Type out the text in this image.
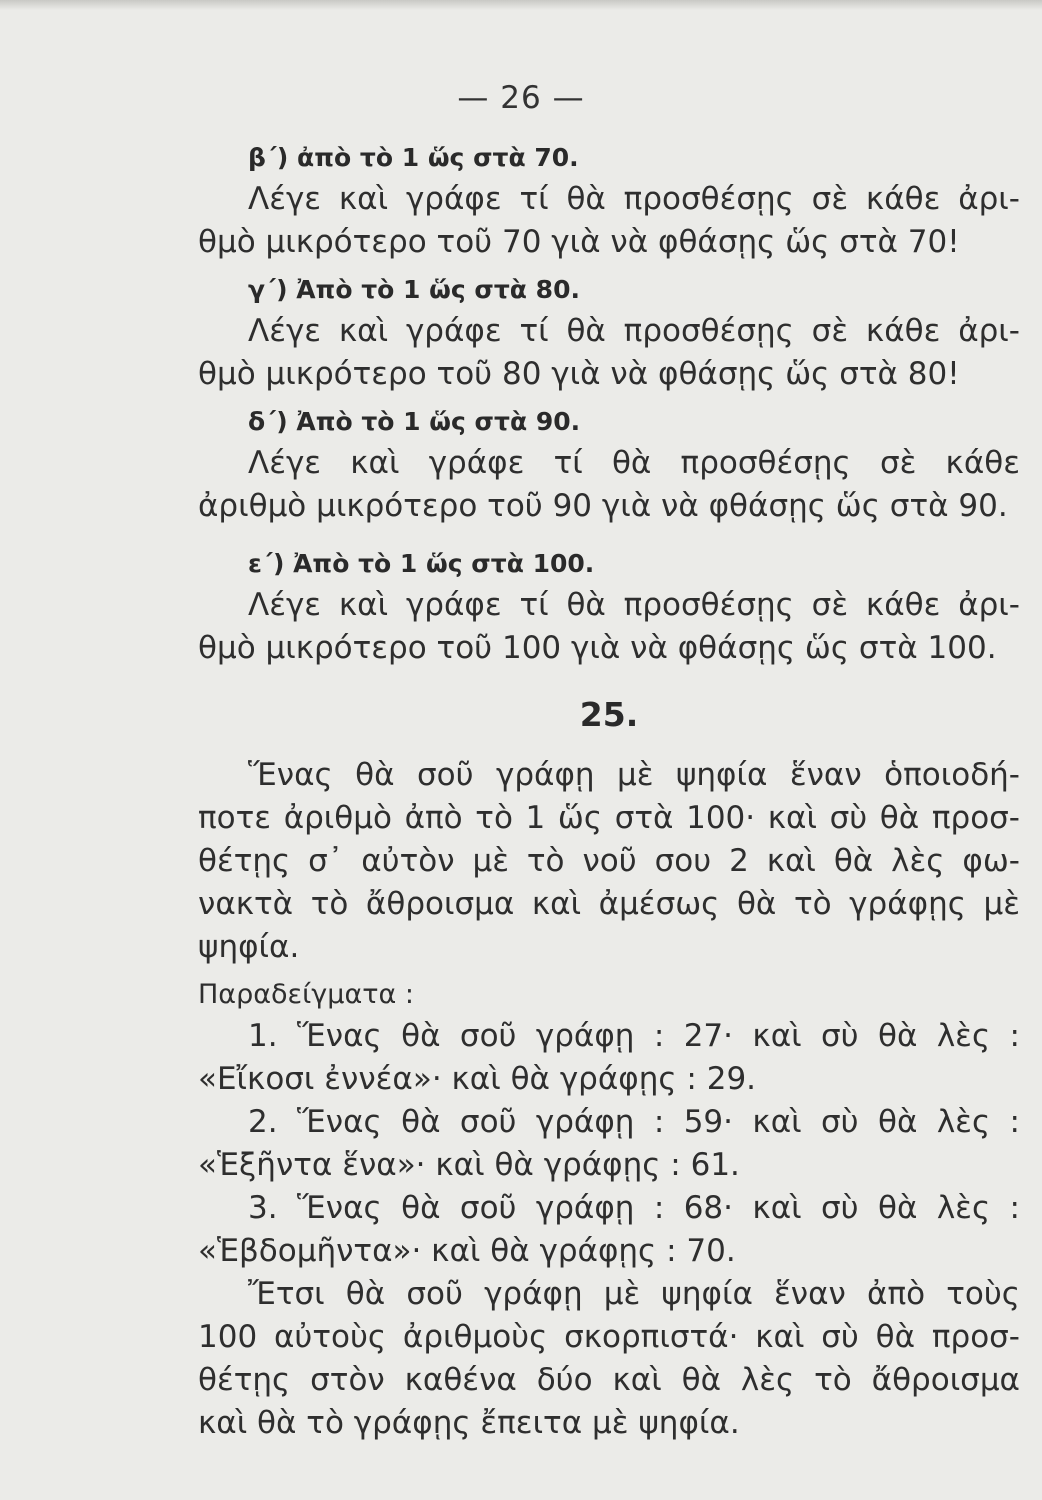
— 26 —
β΄) ἀπὸ τὸ 1 ὥς στὰ 70.
Λέγε καὶ γράφε τί θὰ προσθέσῃς σὲ κάθε ἀρι-
θμὸ μικρότερο τοῦ 70 γιὰ νὰ φθάσῃς ὥς στὰ 70!
γ΄) Ἀπὸ τὸ 1 ὥς στὰ 80.
Λέγε καὶ γράφε τί θὰ προσθέσῃς σὲ κάθε ἀρι-
θμὸ μικρότερο τοῦ 80 γιὰ νὰ φθάσῃς ὥς στὰ 80!
δ΄) Ἀπὸ τὸ 1 ὥς στὰ 90.
Λέγε καὶ γράφε τί θὰ προσθέσῃς σὲ κάθε
ἀριθμὸ μικρότερο τοῦ 90 γιὰ νὰ φθάσῃς ὥς στὰ 90.
ε΄) Ἀπὸ τὸ 1 ὥς στὰ 100.
Λέγε καὶ γράφε τί θὰ προσθέσῃς σὲ κάθε ἀρι-
θμὸ μικρότερο τοῦ 100 γιὰ νὰ φθάσῃς ὥς στὰ 100.
25.
Ἕνας θὰ σοῦ γράφῃ μὲ ψηφία ἕναν ὁποιοδή-
ποτε ἀριθμὸ ἀπὸ τὸ 1 ὥς στὰ 100· καὶ σὺ θὰ προσ-
θέτῃς σ᾽ αὐτὸν μὲ τὸ νοῦ σου 2 καὶ θὰ λὲς φω-
νακτὰ τὸ ἄθροισμα καὶ ἀμέσως θὰ τὸ γράφῃς μὲ
ψηφία.
Παραδείγματα :
1. Ἕνας θὰ σοῦ γράφῃ : 27· καὶ σὺ θὰ λὲς :
«Εἴκοσι ἐννέα»· καὶ θὰ γράφῃς : 29.
2. Ἕνας θὰ σοῦ γράφῃ : 59· καὶ σὺ θὰ λὲς :
«Ἑξῆντα ἕνα»· καὶ θὰ γράφῃς : 61.
3. Ἕνας θὰ σοῦ γράφῃ : 68· καὶ σὺ θὰ λὲς :
«Ἑβδομῆντα»· καὶ θὰ γράφῃς : 70.
Ἔτσι θὰ σοῦ γράφῃ μὲ ψηφία ἕναν ἀπὸ τοὺς
100 αὐτοὺς ἀριθμοὺς σκορπιστά· καὶ σὺ θὰ προσ-
θέτῃς στὸν καθένα δύο καὶ θὰ λὲς τὸ ἄθροισμα
καὶ θὰ τὸ γράφῃς ἔπειτα μὲ ψηφία.
